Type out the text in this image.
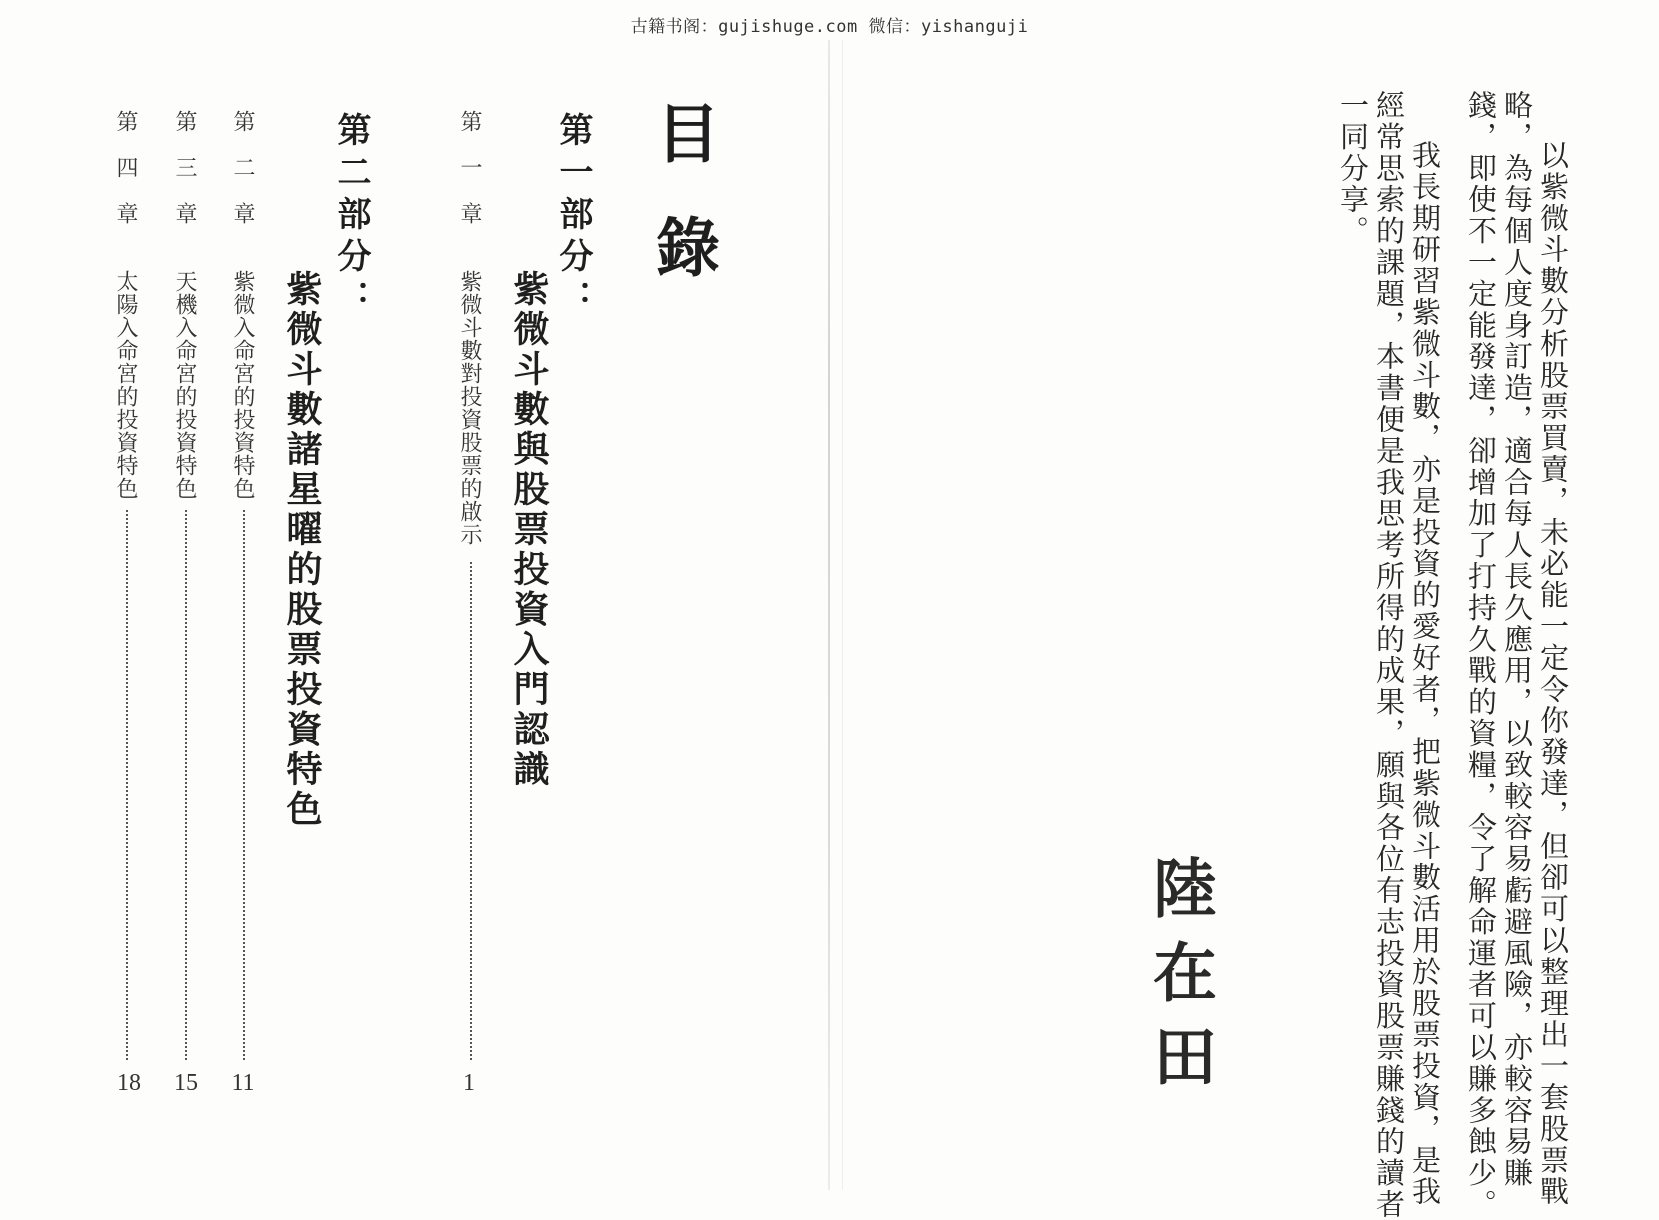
古籍书阁：gujishuge.com 微信：yishanguji
以紫微斗數分析股票買賣，未必能一定令你發達，但卻可以整理出一套股票戰
略，為每個人度身訂造，適合每人長久應用，以致較容易虧避風險，亦較容易賺
錢，即使不一定能發達，卻增加了打持久戰的資糧，令了解命運者可以賺多蝕少。
我長期研習紫微斗數，亦是投資的愛好者，把紫微斗數活用於股票投資，是我
經常思索的課題，本書便是我思考所得的成果，願與各位有志投資股票賺錢的讀者
一同分享。
陸在田
目錄
第一部分：
紫微斗數與股票投資入門認識
第一章
紫微斗數對投資股票的啟示
1
第二部分：
紫微斗數諸星曜的股票投資特色
第二章
紫微入命宮的投資特色
11
第三章
天機入命宮的投資特色
15
第四章
太陽入命宮的投資特色
18
